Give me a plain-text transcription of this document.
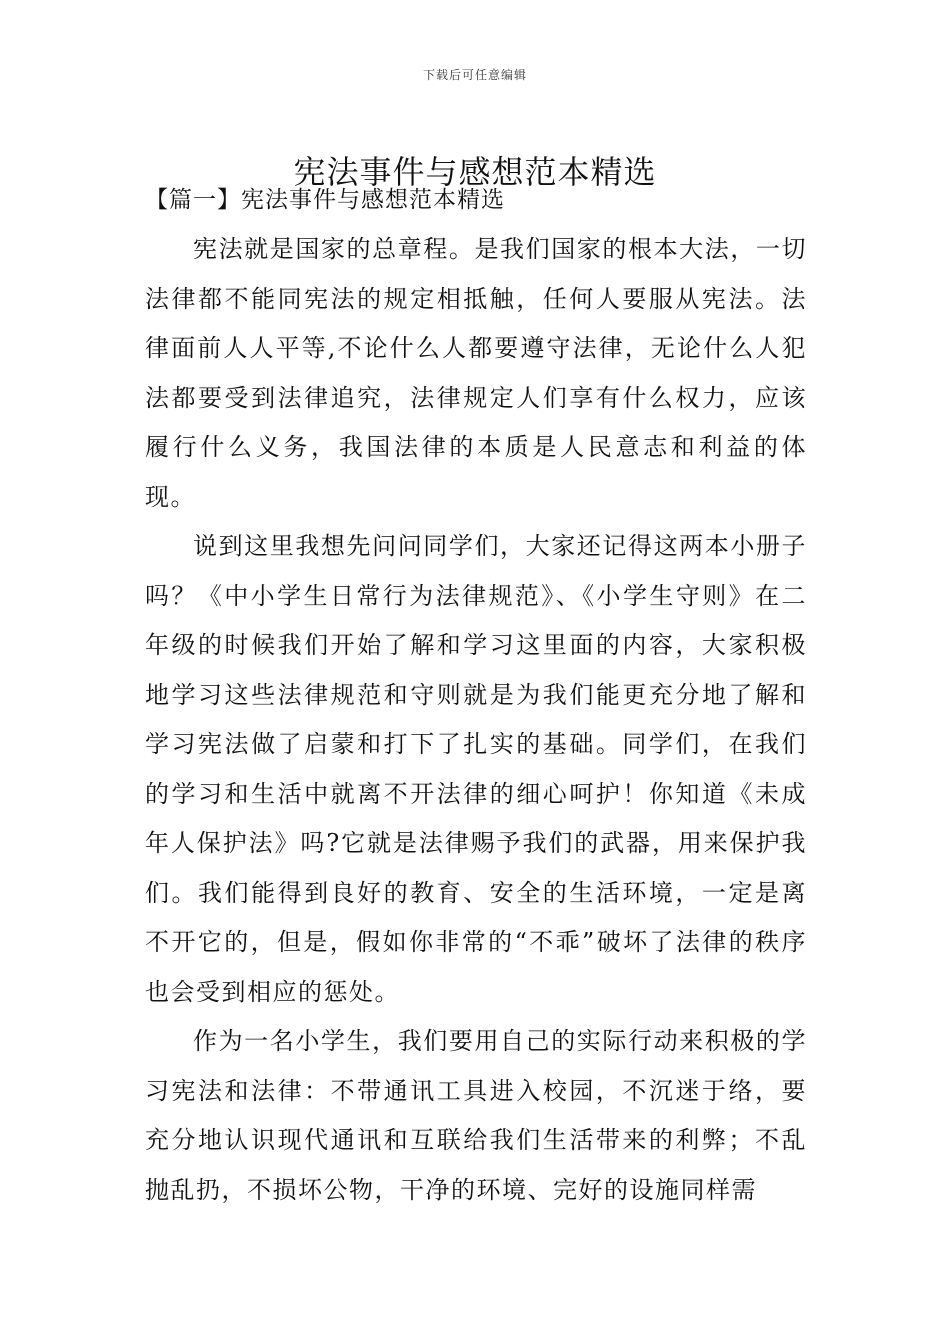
下载后可任意编辑
宪法事件与感想范本精选
【篇一】宪法事件与感想范本精选

宪法就是国家的总章程。是我们国家的根本大法，一切法律都不能同宪法的规定相抵触，任何人要服从宪法。法律面前人人平等,不论什么人都要遵守法律，无论什么人犯法都要受到法律追究，法律规定人们享有什么权力，应该履行什么义务，我国法律的本质是人民意志和利益的体现。

说到这里我想先问问同学们，大家还记得这两本小册子吗？《中小学生日常行为法律规范》、《小学生守则》在二年级的时候我们开始了解和学习这里面的内容，大家积极地学习这些法律规范和守则就是为我们能更充分地了解和学习宪法做了启蒙和打下了扎实的基础。同学们，在我们的学习和生活中就离不开法律的细心呵护！你知道《未成年人保护法》吗?它就是法律赐予我们的武器，用来保护我们。我们能得到良好的教育、安全的生活环境，一定是离不开它的，但是，假如你非常的“不乖”破坏了法律的秩序也会受到相应的惩处。

作为一名小学生，我们要用自己的实际行动来积极的学习宪法和法律：不带通讯工具进入校园，不沉迷于络，要充分地认识现代通讯和互联给我们生活带来的利弊；不乱抛乱扔，不损坏公物，干净的环境、完好的设施同样需
